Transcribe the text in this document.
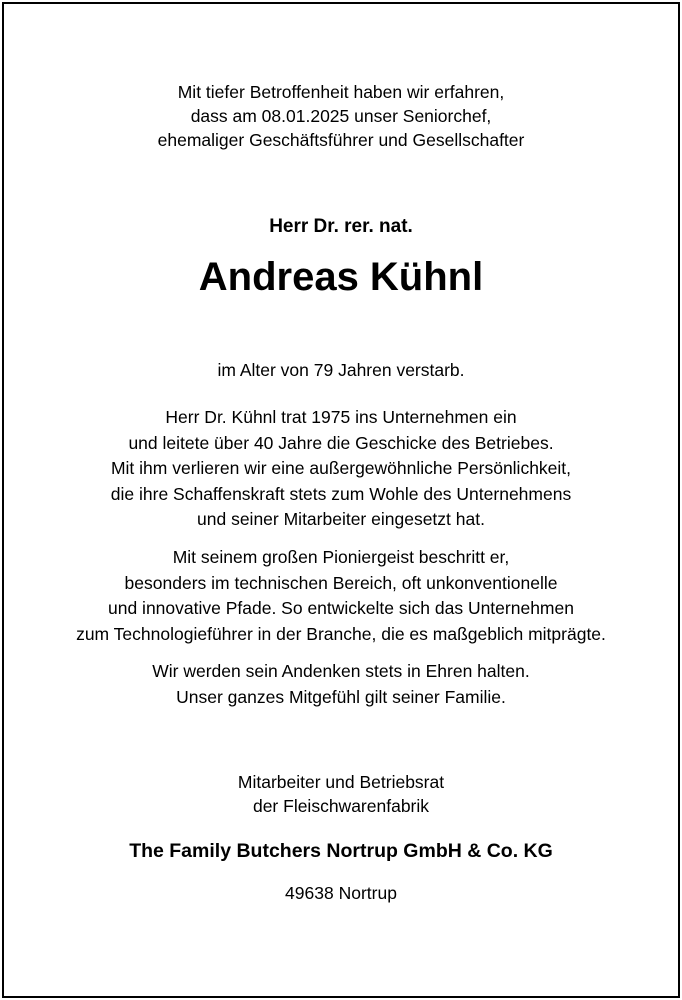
Mit tiefer Betroffenheit haben wir erfahren,
dass am 08.01.2025 unser Seniorchef,
ehemaliger Geschäftsführer und Gesellschafter
Herr Dr. rer. nat.
Andreas Kühnl
im Alter von 79 Jahren verstarb.
Herr Dr. Kühnl trat 1975 ins Unternehmen ein
und leitete über 40 Jahre die Geschicke des Betriebes.
Mit ihm verlieren wir eine außergewöhnliche Persönlichkeit,
die ihre Schaffenskraft stets zum Wohle des Unternehmens
und seiner Mitarbeiter eingesetzt hat.
Mit seinem großen Pioniergeist beschritt er,
besonders im technischen Bereich, oft unkonventionelle
und innovative Pfade. So entwickelte sich das Unternehmen
zum Technologieführer in der Branche, die es maßgeblich mitprägte.
Wir werden sein Andenken stets in Ehren halten.
Unser ganzes Mitgefühl gilt seiner Familie.
Mitarbeiter und Betriebsrat
der Fleischwarenfabrik
The Family Butchers Nortrup GmbH & Co. KG
49638 Nortrup
